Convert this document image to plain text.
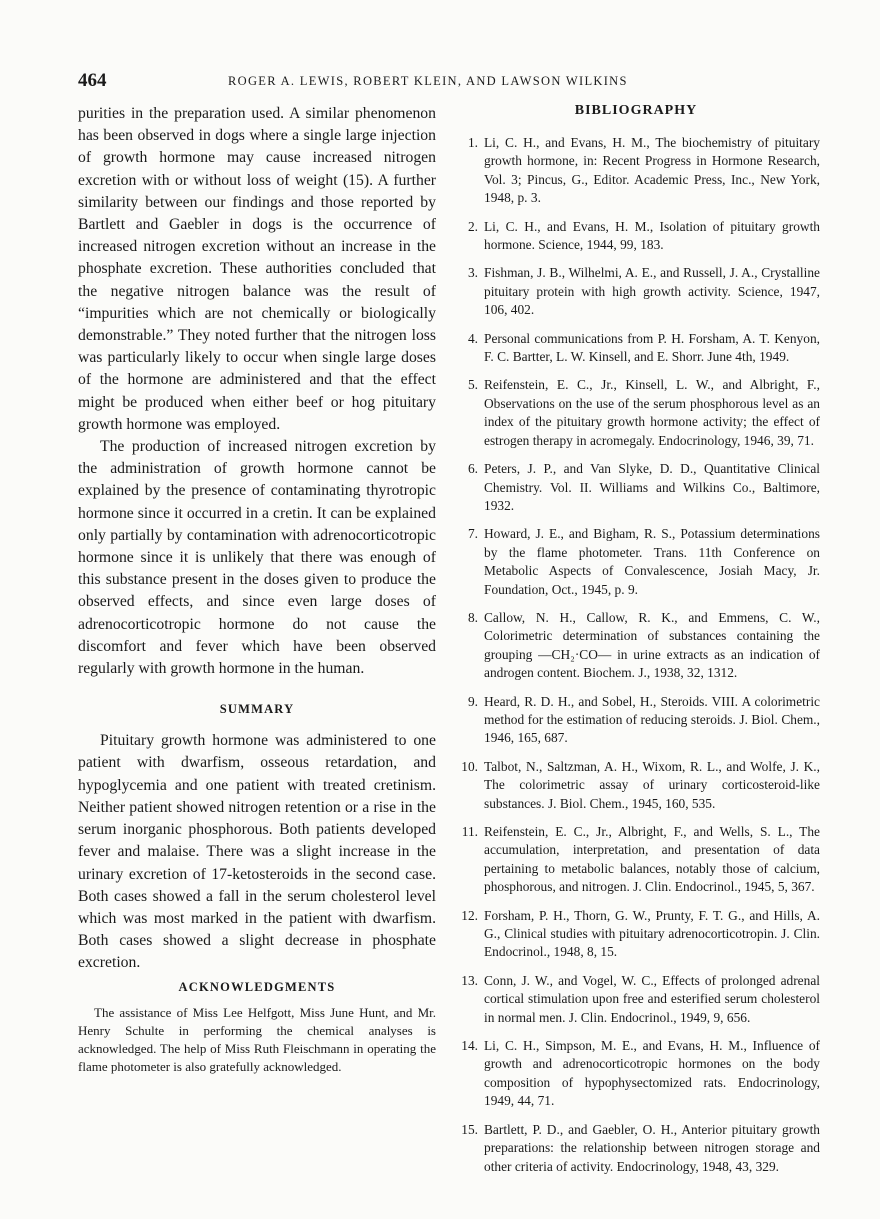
464	ROGER A. LEWIS, ROBERT KLEIN, AND LAWSON WILKINS

purities in the preparation used. A similar phenomenon has been observed in dogs where a single large injection of growth hormone may cause increased nitrogen excretion with or without loss of weight (15). A further similarity between our findings and those reported by Bartlett and Gaebler in dogs is the occurrence of increased nitrogen excretion without an increase in the phosphate excretion. These authorities concluded that the negative nitrogen balance was the result of “impurities which are not chemically or biologically demonstrable.” They noted further that the nitrogen loss was particularly likely to occur when single large doses of the hormone are administered and that the effect might be produced when either beef or hog pituitary growth hormone was employed.

The production of increased nitrogen excretion by the administration of growth hormone cannot be explained by the presence of contaminating thyrotropic hormone since it occurred in a cretin. It can be explained only partially by contamination with adrenocorticotropic hormone since it is unlikely that there was enough of this substance present in the doses given to produce the observed effects, and since even large doses of adrenocorticotropic hormone do not cause the discomfort and fever which have been observed regularly with growth hormone in the human.

SUMMARY

Pituitary growth hormone was administered to one patient with dwarfism, osseous retardation, and hypoglycemia and one patient with treated cretinism. Neither patient showed nitrogen retention or a rise in the serum inorganic phosphorous. Both patients developed fever and malaise. There was a slight increase in the urinary excretion of 17-ketosteroids in the second case. Both cases showed a fall in the serum cholesterol level which was most marked in the patient with dwarfism. Both cases showed a slight decrease in phosphate excretion.

ACKNOWLEDGMENTS

The assistance of Miss Lee Helfgott, Miss June Hunt, and Mr. Henry Schulte in performing the chemical analyses is acknowledged. The help of Miss Ruth Fleischmann in operating the flame photometer is also gratefully acknowledged.

BIBLIOGRAPHY
1. Li, C. H., and Evans, H. M., The biochemistry of pituitary growth hormone, in: Recent Progress in Hormone Research, Vol. 3; Pincus, G., Editor. Academic Press, Inc., New York, 1948, p. 3.
2. Li, C. H., and Evans, H. M., Isolation of pituitary growth hormone. Science, 1944, 99, 183.
3. Fishman, J. B., Wilhelmi, A. E., and Russell, J. A., Crystalline pituitary protein with high growth activity. Science, 1947, 106, 402.
4. Personal communications from P. H. Forsham, A. T. Kenyon, F. C. Bartter, L. W. Kinsell, and E. Shorr. June 4th, 1949.
5. Reifenstein, E. C., Jr., Kinsell, L. W., and Albright, F., Observations on the use of the serum phosphorous level as an index of the pituitary growth hormone activity; the effect of estrogen therapy in acromegaly. Endocrinology, 1946, 39, 71.
6. Peters, J. P., and Van Slyke, D. D., Quantitative Clinical Chemistry. Vol. II. Williams and Wilkins Co., Baltimore, 1932.
7. Howard, J. E., and Bigham, R. S., Potassium determinations by the flame photometer. Trans. 11th Conference on Metabolic Aspects of Convalescence, Josiah Macy, Jr. Foundation, Oct., 1945, p. 9.
8. Callow, N. H., Callow, R. K., and Emmens, C. W., Colorimetric determination of substances containing the grouping —CH₂·CO— in urine extracts as an indication of androgen content. Biochem. J., 1938, 32, 1312.
9. Heard, R. D. H., and Sobel, H., Steroids. VIII. A colorimetric method for the estimation of reducing steroids. J. Biol. Chem., 1946, 165, 687.
10. Talbot, N., Saltzman, A. H., Wixom, R. L., and Wolfe, J. K., The colorimetric assay of urinary corticosteroid-like substances. J. Biol. Chem., 1945, 160, 535.
11. Reifenstein, E. C., Jr., Albright, F., and Wells, S. L., The accumulation, interpretation, and presentation of data pertaining to metabolic balances, notably those of calcium, phosphorous, and nitrogen. J. Clin. Endocrinol., 1945, 5, 367.
12. Forsham, P. H., Thorn, G. W., Prunty, F. T. G., and Hills, A. G., Clinical studies with pituitary adrenocorticotropin. J. Clin. Endocrinol., 1948, 8, 15.
13. Conn, J. W., and Vogel, W. C., Effects of prolonged adrenal cortical stimulation upon free and esterified serum cholesterol in normal men. J. Clin. Endocrinol., 1949, 9, 656.
14. Li, C. H., Simpson, M. E., and Evans, H. M., Influence of growth and adrenocorticotropic hormones on the body composition of hypophysectomized rats. Endocrinology, 1949, 44, 71.
15. Bartlett, P. D., and Gaebler, O. H., Anterior pituitary growth preparations: the relationship between nitrogen storage and other criteria of activity. Endocrinology, 1948, 43, 329.
